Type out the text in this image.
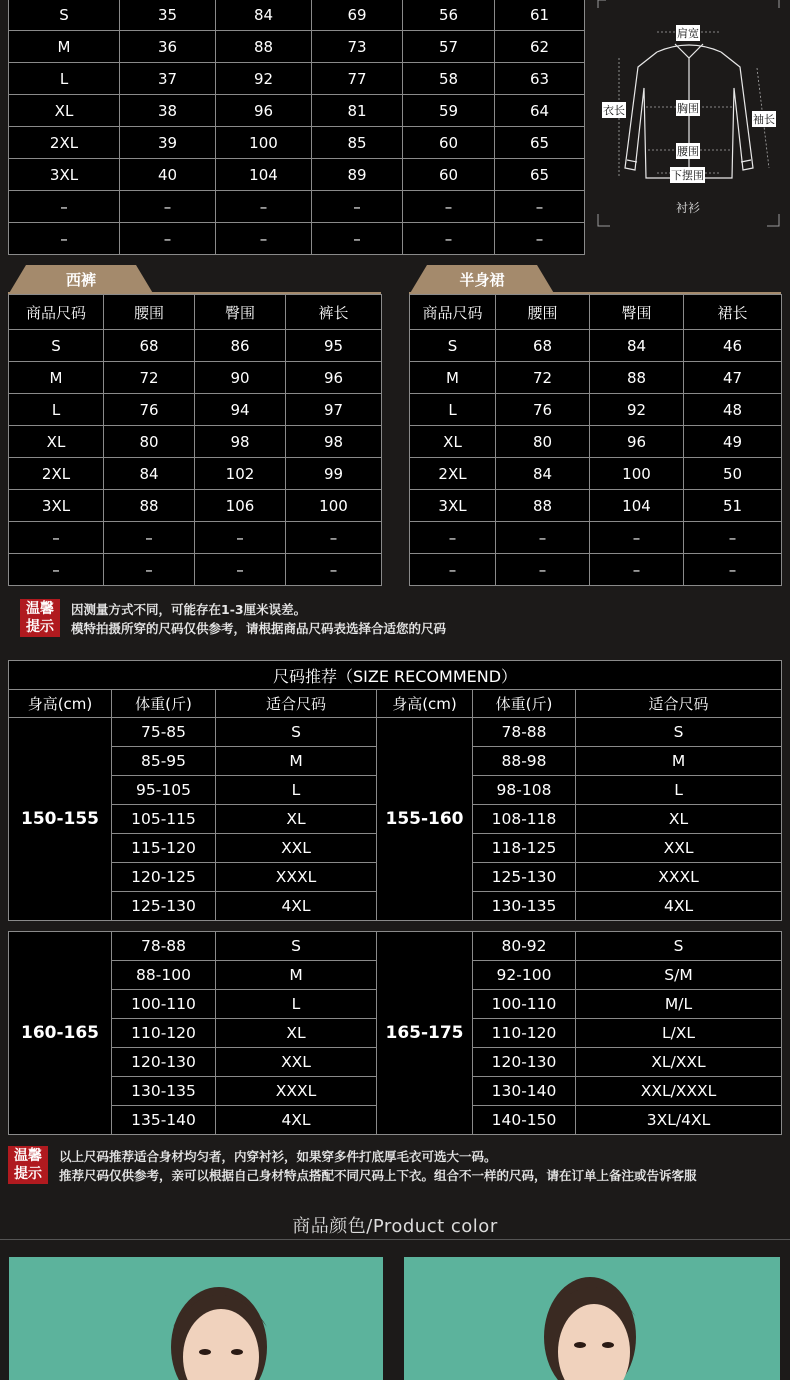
S	35	84	69	56	61
M	36	88	73	57	62
L	37	92	77	58	63
XL	38	96	81	59	64
2XL	39	100	85	60	65
3XL	40	104	89	60	65
–	–	–	–	–	–
–	–	–	–	–	–
肩宽
衣长	胸围
袖长
腰围
下摆围
衬衫
西裤
商品尺码	腰围	臀围	裤长
S	68	86	95
M	72	90	96
L	76	94	97
XL	80	98	98
2XL	84	102	99
3XL	88	106	100
–	–	–	–
–	–	–	–
半身裙
商品尺码	腰围	臀围	裙长
S	68	84	46
M	72	88	47
L	76	92	48
XL	80	96	49
2XL	84	100	50
3XL	88	104	51
–	–	–	–
–	–	–	–
温馨
提示
因测量方式不同，可能存在1-3厘米误差。
模特拍摄所穿的尺码仅供参考，请根据商品尺码表选择合适您的尺码
尺码推荐（SIZE RECOMMEND）					
身高(cm)	体重(斤)	适合尺码	身高(cm)	体重(斤)	适合尺码
150-155	75-85	S	155-160	78-88	S
	85-95	M		88-98	M
	95-105	L		98-108	L
	105-115	XL		108-118	XL
	115-120	XXL		118-125	XXL
	120-125	XXXL		125-130	XXXL
	125-130	4XL		130-135	4XL
160-165	78-88	S	165-175	80-92	S
	88-100	M		92-100	S/M
	100-110	L		100-110	M/L
	110-120	XL		110-120	L/XL
	120-130	XXL		120-130	XL/XXL
	130-135	XXXL		130-140	XXL/XXXL
	135-140	4XL		140-150	3XL/4XL
温馨
提示
以上尺码推荐适合身材均匀者，内穿衬衫，如果穿多件打底厚毛衣可选大一码。
推荐尺码仅供参考，亲可以根据自己身材特点搭配不同尺码上下衣。组合不一样的尺码，请在订单上备注或告诉客服
商品颜色/Product color
